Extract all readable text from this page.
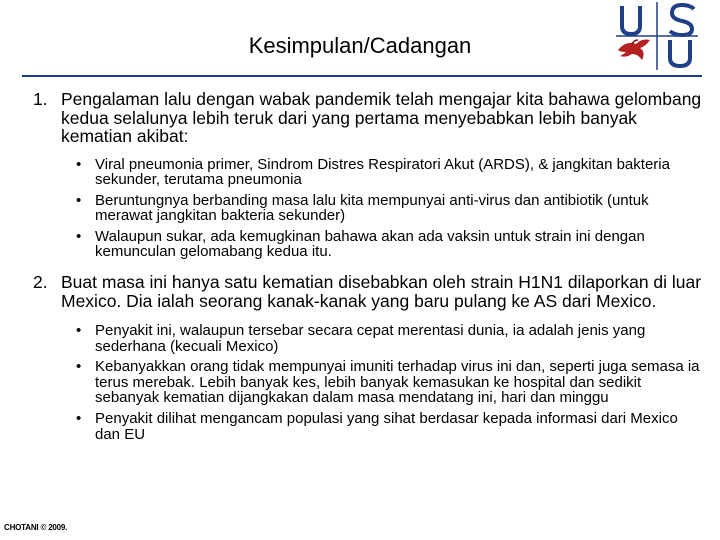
Kesimpulan/Cadangan
1. Pengalaman lalu dengan wabak pandemik telah mengajar kita bahawa gelombang kedua selalunya lebih teruk dari yang pertama menyebabkan lebih banyak kematian akibat:
• Viral pneumonia primer, Sindrom Distres Respiratori Akut (ARDS), & jangkitan bakteria sekunder, terutama pneumonia
• Beruntungnya berbanding masa lalu kita mempunyai anti-virus dan antibiotik (untuk merawat jangkitan bakteria sekunder)
• Walaupun sukar, ada kemugkinan bahawa akan ada vaksin untuk strain ini dengan kemunculan gelomabang kedua itu.
2. Buat masa ini hanya satu kematian disebabkan oleh strain H1N1 dilaporkan di luar Mexico. Dia ialah seorang kanak-kanak yang baru pulang ke AS dari Mexico.
• Penyakit ini, walaupun tersebar secara cepat merentasi dunia, ia adalah jenis yang sederhana (kecuali Mexico)
• Kebanyakkan orang tidak mempunyai imuniti terhadap virus ini dan, seperti juga semasa ia terus merebak. Lebih banyak kes, lebih banyak kemasukan ke hospital dan sedikit sebanyak kematian dijangkakan dalam masa mendatang ini, hari dan minggu
• Penyakit dilihat mengancam populasi yang sihat berdasar kepada informasi dari Mexico dan EU
CHOTANI © 2009.
